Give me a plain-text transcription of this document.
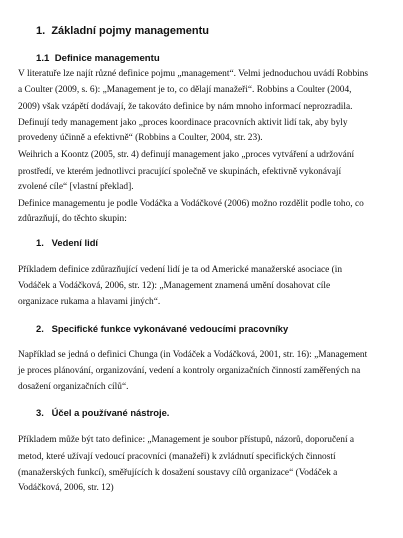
1. Základní pojmy managementu
1.1 Definice managementu
V literatuře lze najít různé definice pojmu „management“. Velmi jednoduchou uvádí Robbins
a Coulter (2009, s. 6): „Management je to, co dělají manažeři“. Robbins a Coulter (2004,
2009) však vzápětí dodávají, že takováto definice by nám mnoho informací neprozradila.
Definují tedy management jako „proces koordinace pracovních aktivit lidí tak, aby byly
provedeny účinně a efektivně“ (Robbins a Coulter, 2004, str. 23).
Weihrich a Koontz (2005, str. 4) definují management jako „proces vytváření a udržování
prostředí, ve kterém jednotlivci pracující společně ve skupinách, efektivně vykonávají
zvolené cíle“ [vlastní překlad].
Definice managementu je podle Vodáčka a Vodáčkové (2006) možno rozdělit podle toho, co
zdůrazňují, do těchto skupin:
1. Vedení lidí
Příkladem definice zdůrazňující vedení lidí je ta od Americké manažerské asociace (in
Vodáček a Vodáčková, 2006, str. 12): „Management znamená umění dosahovat cíle
organizace rukama a hlavami jiných“.
2. Specifické funkce vykonávané vedoucími pracovníky
Například se jedná o definici Chunga (in Vodáček a Vodáčková, 2001, str. 16): „Management
je proces plánování, organizování, vedení a kontroly organizačních činností zaměřených na
dosažení organizačních cílů“.
3. Účel a používané nástroje.
Příkladem může být tato definice: „Management je soubor přístupů, názorů, doporučení a
metod, které užívají vedoucí pracovníci (manažeři) k zvládnutí specifických činností
(manažerských funkcí), směřujících k dosažení soustavy cílů organizace“ (Vodáček a
Vodáčková, 2006, str. 12)
